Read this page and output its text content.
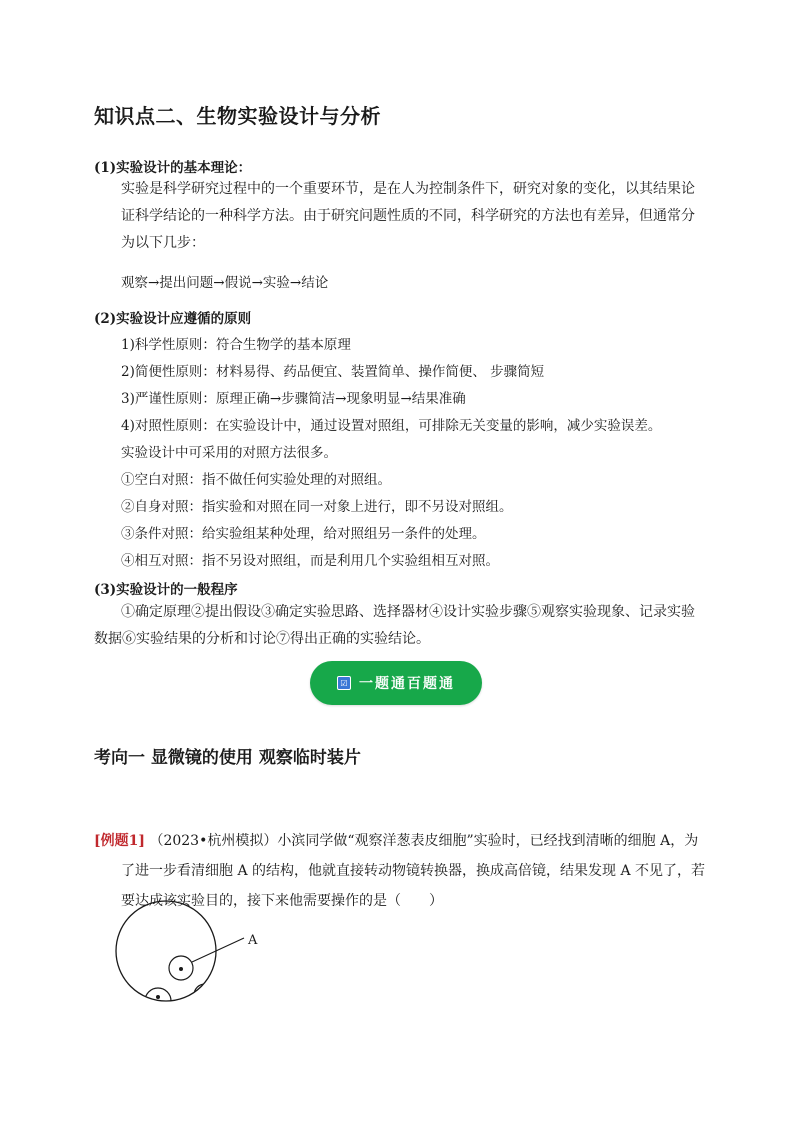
知识点二、生物实验设计与分析
(1)实验设计的基本理论：
实验是科学研究过程中的一个重要环节，是在人为控制条件下，研究对象的变化，以其结果论证科学结论的一种科学方法。由于研究问题性质的不同，科学研究的方法也有差异，但通常分为以下几步：
观察→提出问题→假说→实验→结论
(2)实验设计应遵循的原则
1)科学性原则：符合生物学的基本原理
2)简便性原则：材料易得、药品便宜、装置简单、操作简便、 步骤简短
3)严谨性原则：原理正确→步骤简洁→现象明显→结果准确
4)对照性原则：在实验设计中，通过设置对照组，可排除无关变量的影响，减少实验误差。
实验设计中可采用的对照方法很多。
①空白对照：指不做任何实验处理的对照组。
②自身对照：指实验和对照在同一对象上进行，即不另设对照组。
③条件对照：给实验组某种处理，给对照组另一条件的处理。
④相互对照：指不另设对照组，而是利用几个实验组相互对照。
(3)实验设计的一般程序
①确定原理②提出假设③确定实验思路、选择器材④设计实验步骤⑤观察实验现象、记录实验数据⑥实验结果的分析和讨论⑦得出正确的实验结论。
☑ 一题通百题通
考向一 显微镜的使用 观察临时装片
[例题1] （2023•杭州模拟）小滨同学做“观察洋葱表皮细胞”实验时，已经找到清晰的细胞 A，为
了进一步看清细胞 A 的结构，他就直接转动物镜转换器，换成高倍镜，结果发现 A 不见了，若要达成该实验目的，接下来他需要操作的是（　　）
A
